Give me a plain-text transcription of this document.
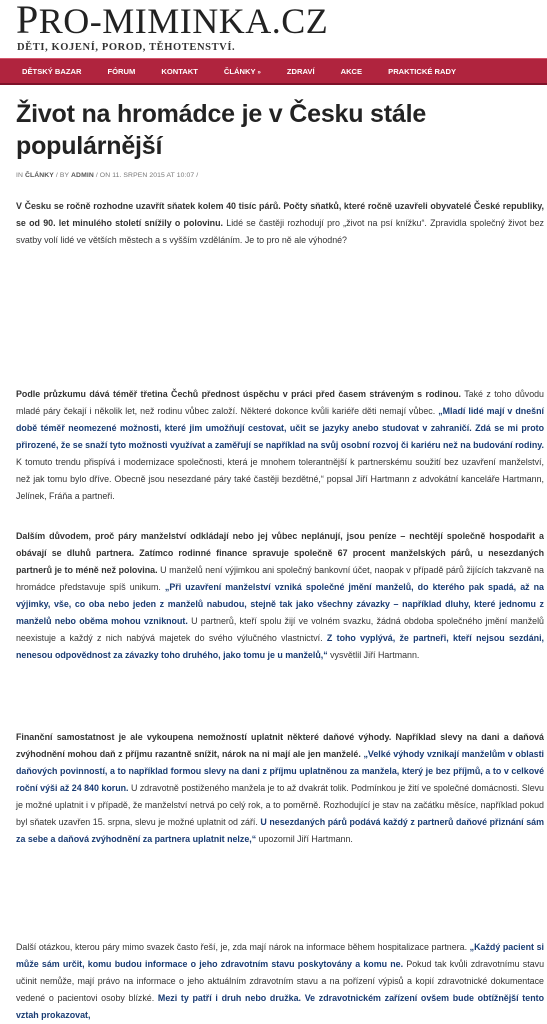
PRO-MIMINKA.CZ
DĚTI, KOJENÍ, POROD, TĚHOTENSTVÍ.
DĚTSKÝ BAZAR	FÓRUM	KONTAKT	ČLÁNKY »	ZDRAVÍ	AKCE	PRAKTICKÉ RADY
Život na hromádce je v Česku stále populárnější
IN ČLÁNKY / BY ADMIN / ON 11. SRPEN 2015 AT 10:07 /
V Česku se ročně rozhodne uzavřít sňatek kolem 40 tisíc párů. Počty sňatků, které ročně uzavřeli obyvatelé České republiky, se od 90. let minulého století snížily o polovinu. Lidé se častěji rozhodují pro „život na psí knížku“. Zpravidla společný život bez svatby volí lidé ve větších městech a s vyšším vzděláním. Je to pro ně ale výhodné?
Podle průzkumu dává téměř třetina Čechů přednost úspěchu v práci před časem stráveným s rodinou. Také z toho důvodu mladé páry čekají i několik let, než rodinu vůbec založí. Některé dokonce kvůli kariéře děti nemají vůbec. „Mladí lidé mají v dnešní době téměř neomezené možnosti, které jim umožňují cestovat, učit se jazyky anebo studovat v zahraničí. Zdá se mi proto přirozené, že se snaží tyto možnosti využívat a zaměřují se například na svůj osobní rozvoj či kariéru než na budování rodiny. K tomuto trendu přispívá i modernizace společnosti, která je mnohem tolerantnější k partnerskému soužití bez uzavření manželství, než jak tomu bylo dříve. Obecně jsou nesezdané páry také častěji bezdětné,“ popsal Jiří Hartmann z advokátní kanceláře Hartmann, Jelínek, Fráňa a partneři.
Dalším důvodem, proč páry manželství odkládají nebo jej vůbec neplánují, jsou peníze – nechtějí společně hospodařit a obávají se dluhů partnera. Zatímco rodinné finance spravuje společně 67 procent manželských párů, u nesezdaných partnerů je to méně než polovina. U manželů není výjimkou ani společný bankovní účet, naopak v případě párů žijících takzvaně na hromádce představuje spíš unikum. „Při uzavření manželství vzniká společné jmění manželů, do kterého pak spadá, až na výjimky, vše, co oba nebo jeden z manželů nabudou, stejně tak jako všechny závazky – například dluhy, které jednomu z manželů nebo oběma mohou vzniknout. U partnerů, kteří spolu žijí ve volném svazku, žádná obdoba společného jmění manželů neexistuje a každý z nich nabývá majetek do svého výlučného vlastnictví. Z toho vyplývá, že partneři, kteří nejsou sezdáni, nenesou odpovědnost za závazky toho druhého, jako tomu je u manželů,“ vysvětlil Jiří Hartmann.
Finanční samostatnost je ale vykoupena nemožností uplatnit některé daňové výhody. Například slevy na dani a daňová zvýhodnění mohou daň z příjmu razantně snížit, nárok na ni mají ale jen manželé. „Velké výhody vznikají manželům v oblasti daňových povinností, a to například formou slevy na dani z příjmu uplatněnou za manžela, který je bez příjmů, a to v celkové roční výši až 24 840 korun. U zdravotně postiženého manžela je to až dvakrát tolik. Podmínkou je žití ve společné domácnosti. Slevu je možné uplatnit i v případě, že manželství netrvá po celý rok, a to poměrně. Rozhodující je stav na začátku měsíce, například pokud byl sňatek uzavřen 15. srpna, slevu je možné uplatnit od září. U nesezdaných párů podává každý z partnerů daňové přiznání sám za sebe a daňová zvýhodnění za partnera uplatnit nelze,“ upozornil Jiří Hartmann.
Další otázkou, kterou páry mimo svazek často řeší, je, zda mají nárok na informace během hospitalizace partnera. „Každý pacient si může sám určit, komu budou informace o jeho zdravotním stavu poskytovány a komu ne. Pokud tak kvůli zdravotnímu stavu učinit nemůže, mají právo na informace o jeho aktuálním zdravotním stavu a na pořízení výpisů a kopií zdravotnické dokumentace vedené o pacientovi osoby blízké. Mezi ty patří i druh nebo družka. Ve zdravotnickém zařízení ovšem bude obtížnější tento vztah prokazovat,
